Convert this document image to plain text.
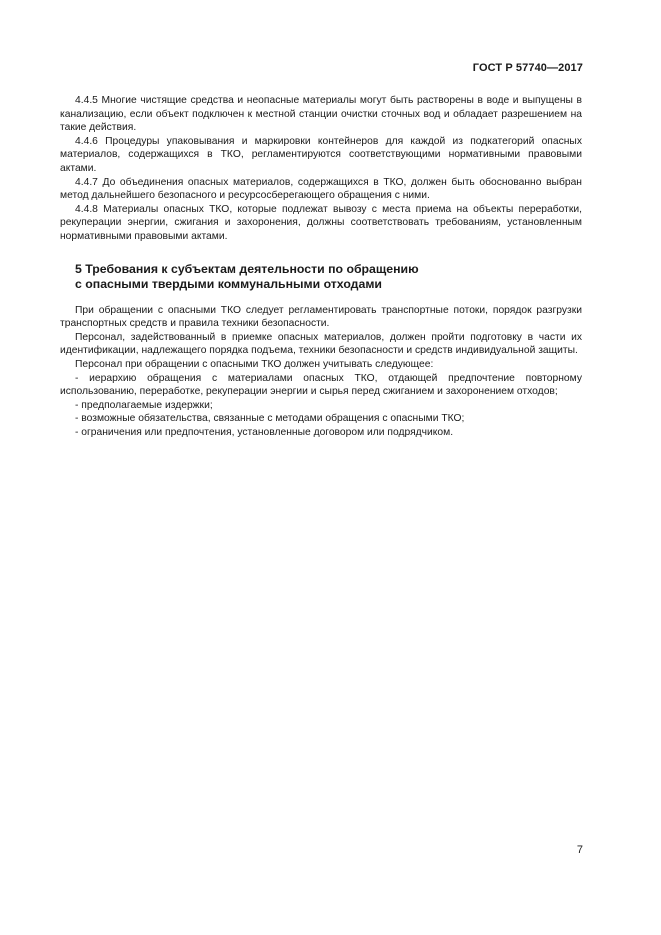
ГОСТ Р 57740—2017

4.4.5 Многие чистящие средства и неопасные материалы могут быть растворены в воде и выпущены в канализацию, если объект подключен к местной станции очистки сточных вод и обладает разрешением на такие действия.

4.4.6 Процедуры упаковывания и маркировки контейнеров для каждой из подкатегорий опасных материалов, содержащихся в ТКО, регламентируются соответствующими нормативными правовыми актами.

4.4.7 До объединения опасных материалов, содержащихся в ТКО, должен быть обоснованно выбран метод дальнейшего безопасного и ресурсосберегающего обращения с ними.

4.4.8 Материалы опасных ТКО, которые подлежат вывозу с места приема на объекты переработки, рекуперации энергии, сжигания и захоронения, должны соответствовать требованиям, установленным нормативными правовыми актами.

5 Требования к субъектам деятельности по обращению
с опасными твердыми коммунальными отходами

При обращении с опасными ТКО следует регламентировать транспортные потоки, порядок разгрузки транспортных средств и правила техники безопасности.

Персонал, задействованный в приемке опасных материалов, должен пройти подготовку в части их идентификации, надлежащего порядка подъема, техники безопасности и средств индивидуальной защиты.

Персонал при обращении с опасными ТКО должен учитывать следующее:

- иерархию обращения с материалами опасных ТКО, отдающей предпочтение повторному использованию, переработке, рекуперации энергии и сырья перед сжиганием и захоронением отходов;

- предполагаемые издержки;

- возможные обязательства, связанные с методами обращения с опасными ТКО;

- ограничения или предпочтения, установленные договором или подрядчиком.

7
